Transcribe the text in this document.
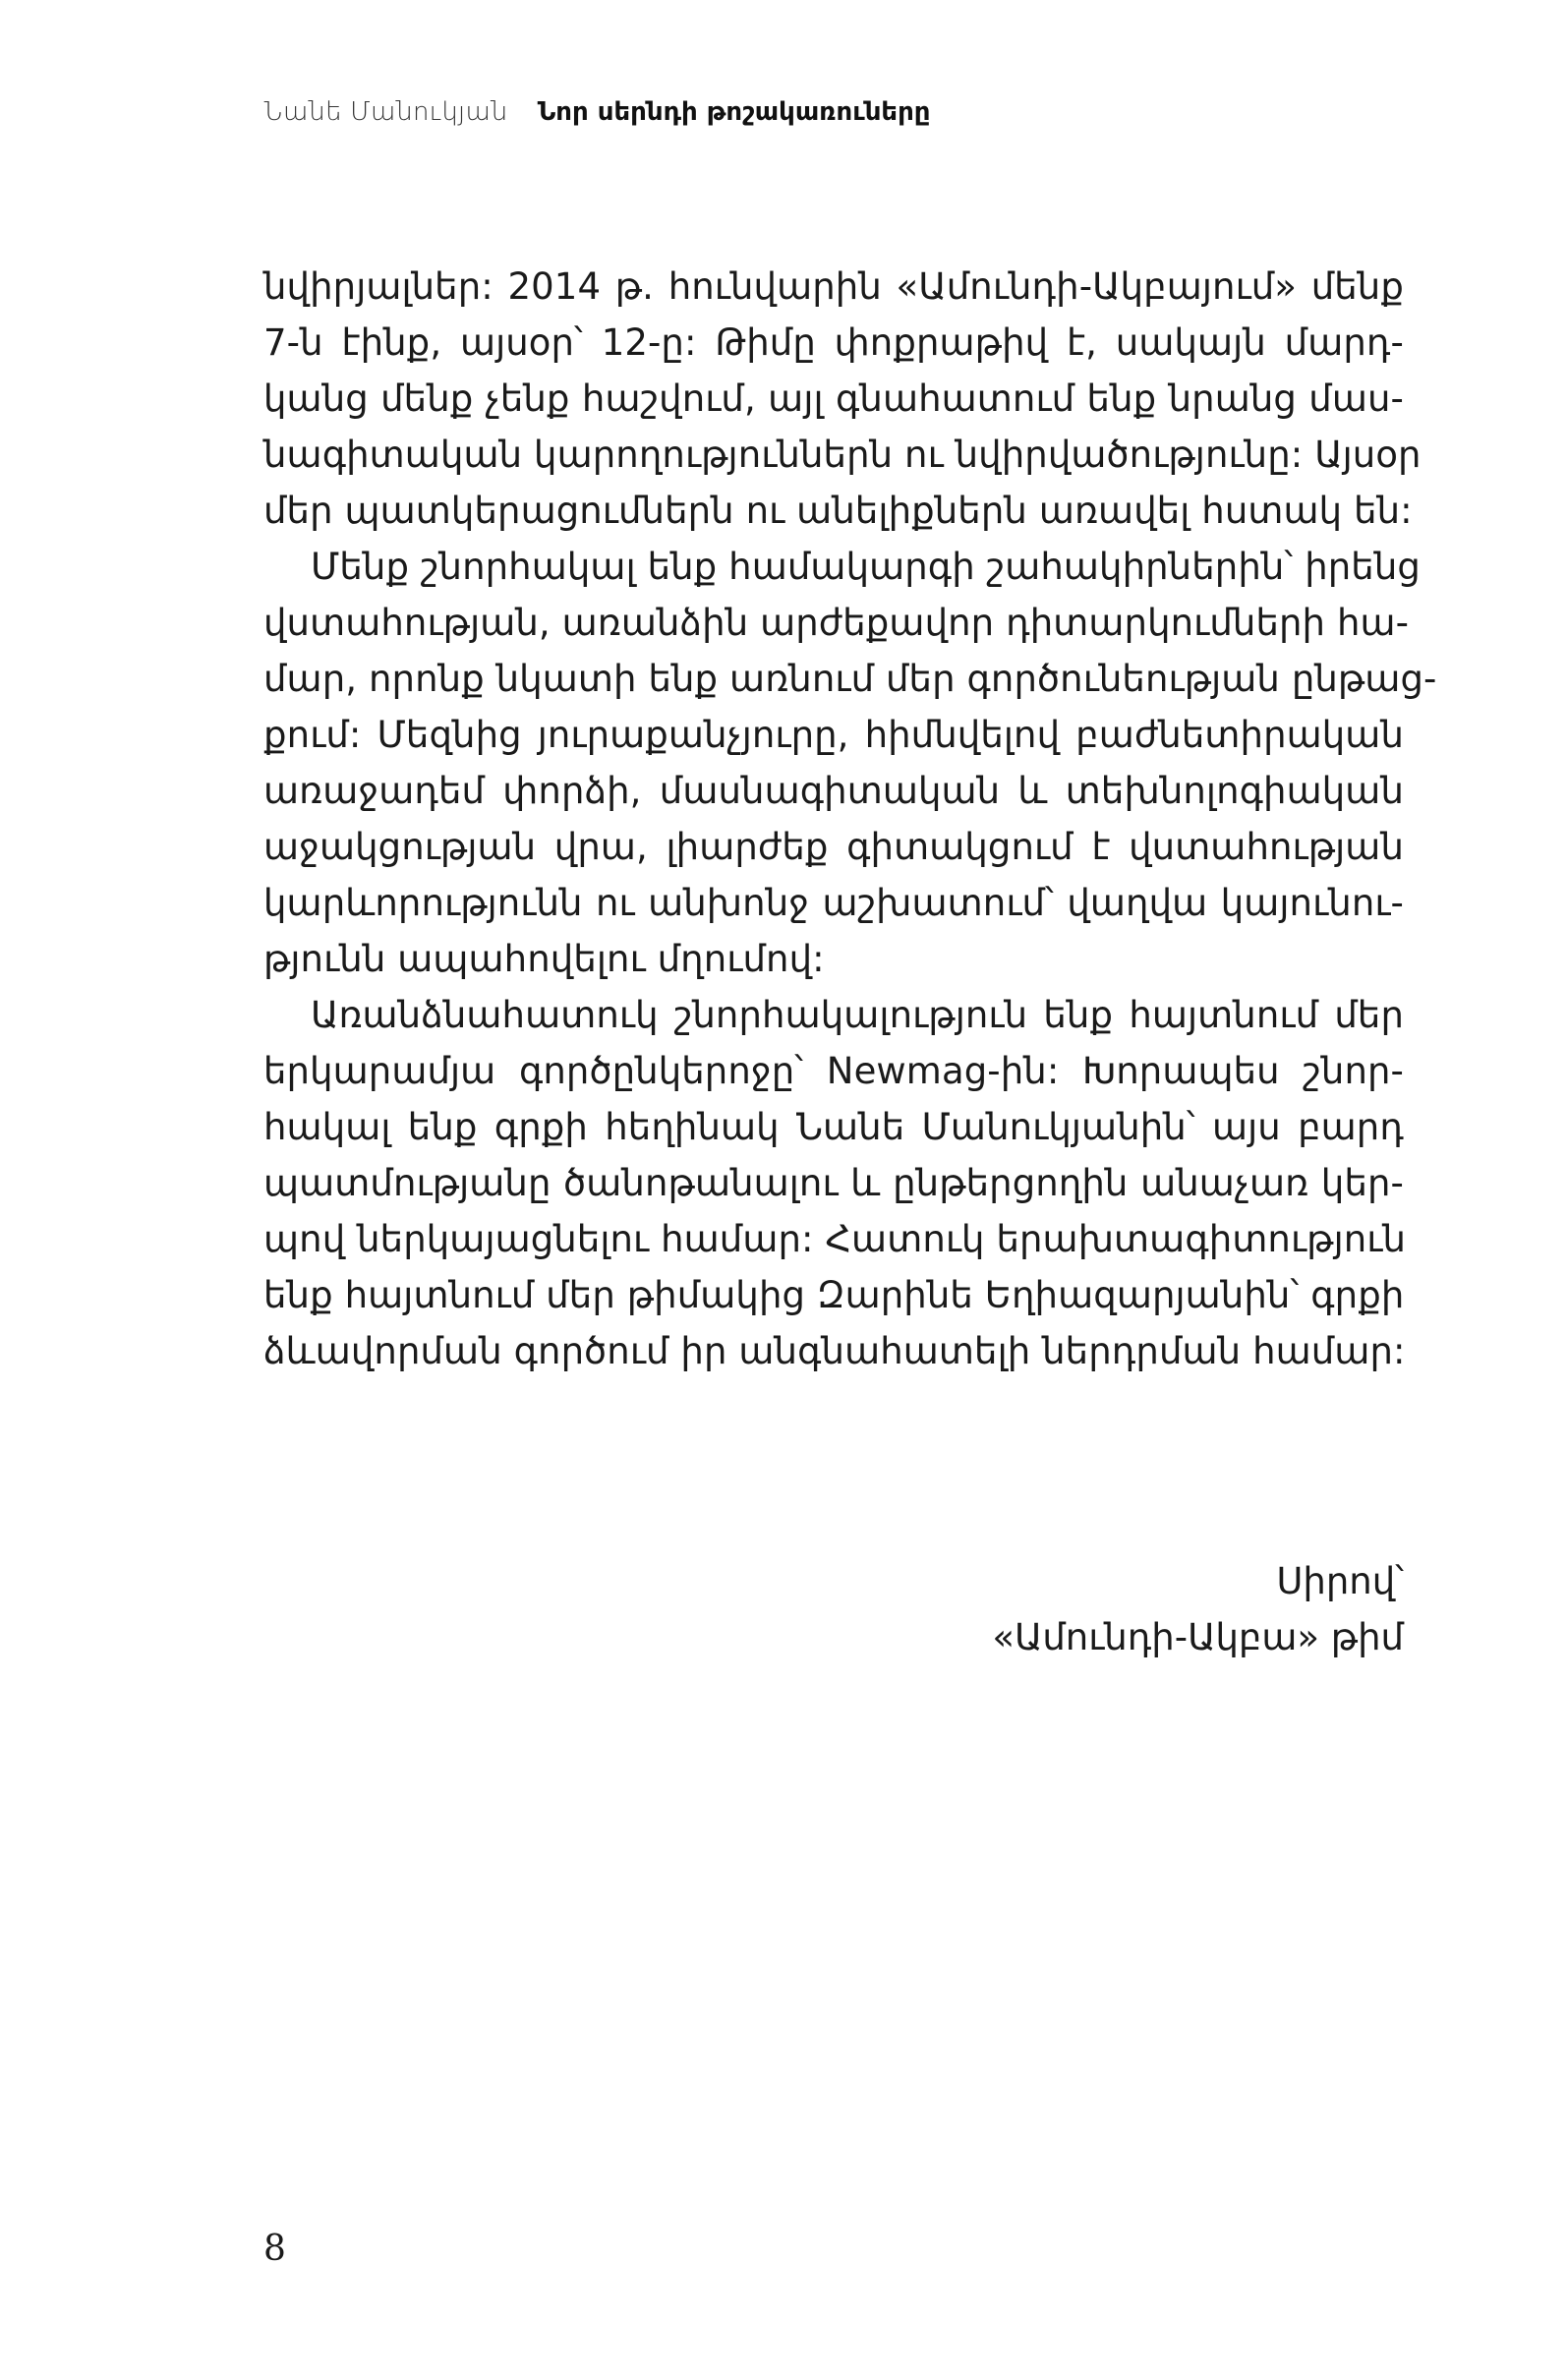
Նանե Մանուկյան Նոր սերնդի թոշակառուները

նվիրյալներ: 2014 թ. հունվարին «Ամունդի-Ակբայում» մենք
7-ն էինք, այսօր՝ 12-ը: Թիմը փոքրաթիվ է, սակայն մարդ-
կանց մենք չենք հաշվում, այլ գնահատում ենք նրանց մաս-
նագիտական կարողություններն ու նվիրվածությունը: Այսօր
մեր պատկերացումներն ու անելիքներն առավել հստակ են:

Մենք շնորհակալ ենք համակարգի շահակիրներին՝ իրենց
վստահության, առանձին արժեքավոր դիտարկումների հա-
մար, որոնք նկատի ենք առնում մեր գործունեության ընթաց-
քում: Մեզնից յուրաքանչյուրը, հիմնվելով բաժնետիրական
առաջադեմ փորձի, մասնագիտական և տեխնոլոգիական
աջակցության վրա, լիարժեք գիտակցում է վստահության
կարևորությունն ու անխոնջ աշխատում՝ վաղվա կայունու-
թյունն ապահովելու մղումով:

Առանձնահատուկ շնորհակալություն ենք հայտնում մեր
երկարամյա գործընկերոջը՝ Newmag-ին: Խորապես շնոր-
հակալ ենք գրքի հեղինակ Նանե Մանուկյանին՝ այս բարդ
պատմությանը ծանոթանալու և ընթերցողին անաչառ կեր-
պով ներկայացնելու համար: Հատուկ երախտագիտություն
ենք հայտնում մեր թիմակից Զարինե Եղիազարյանին՝ գրքի
ձևավորման գործում իր անգնահատելի ներդրման համար:

Սիրով՝
«Ամունդի-Ակբա» թիմ
8
